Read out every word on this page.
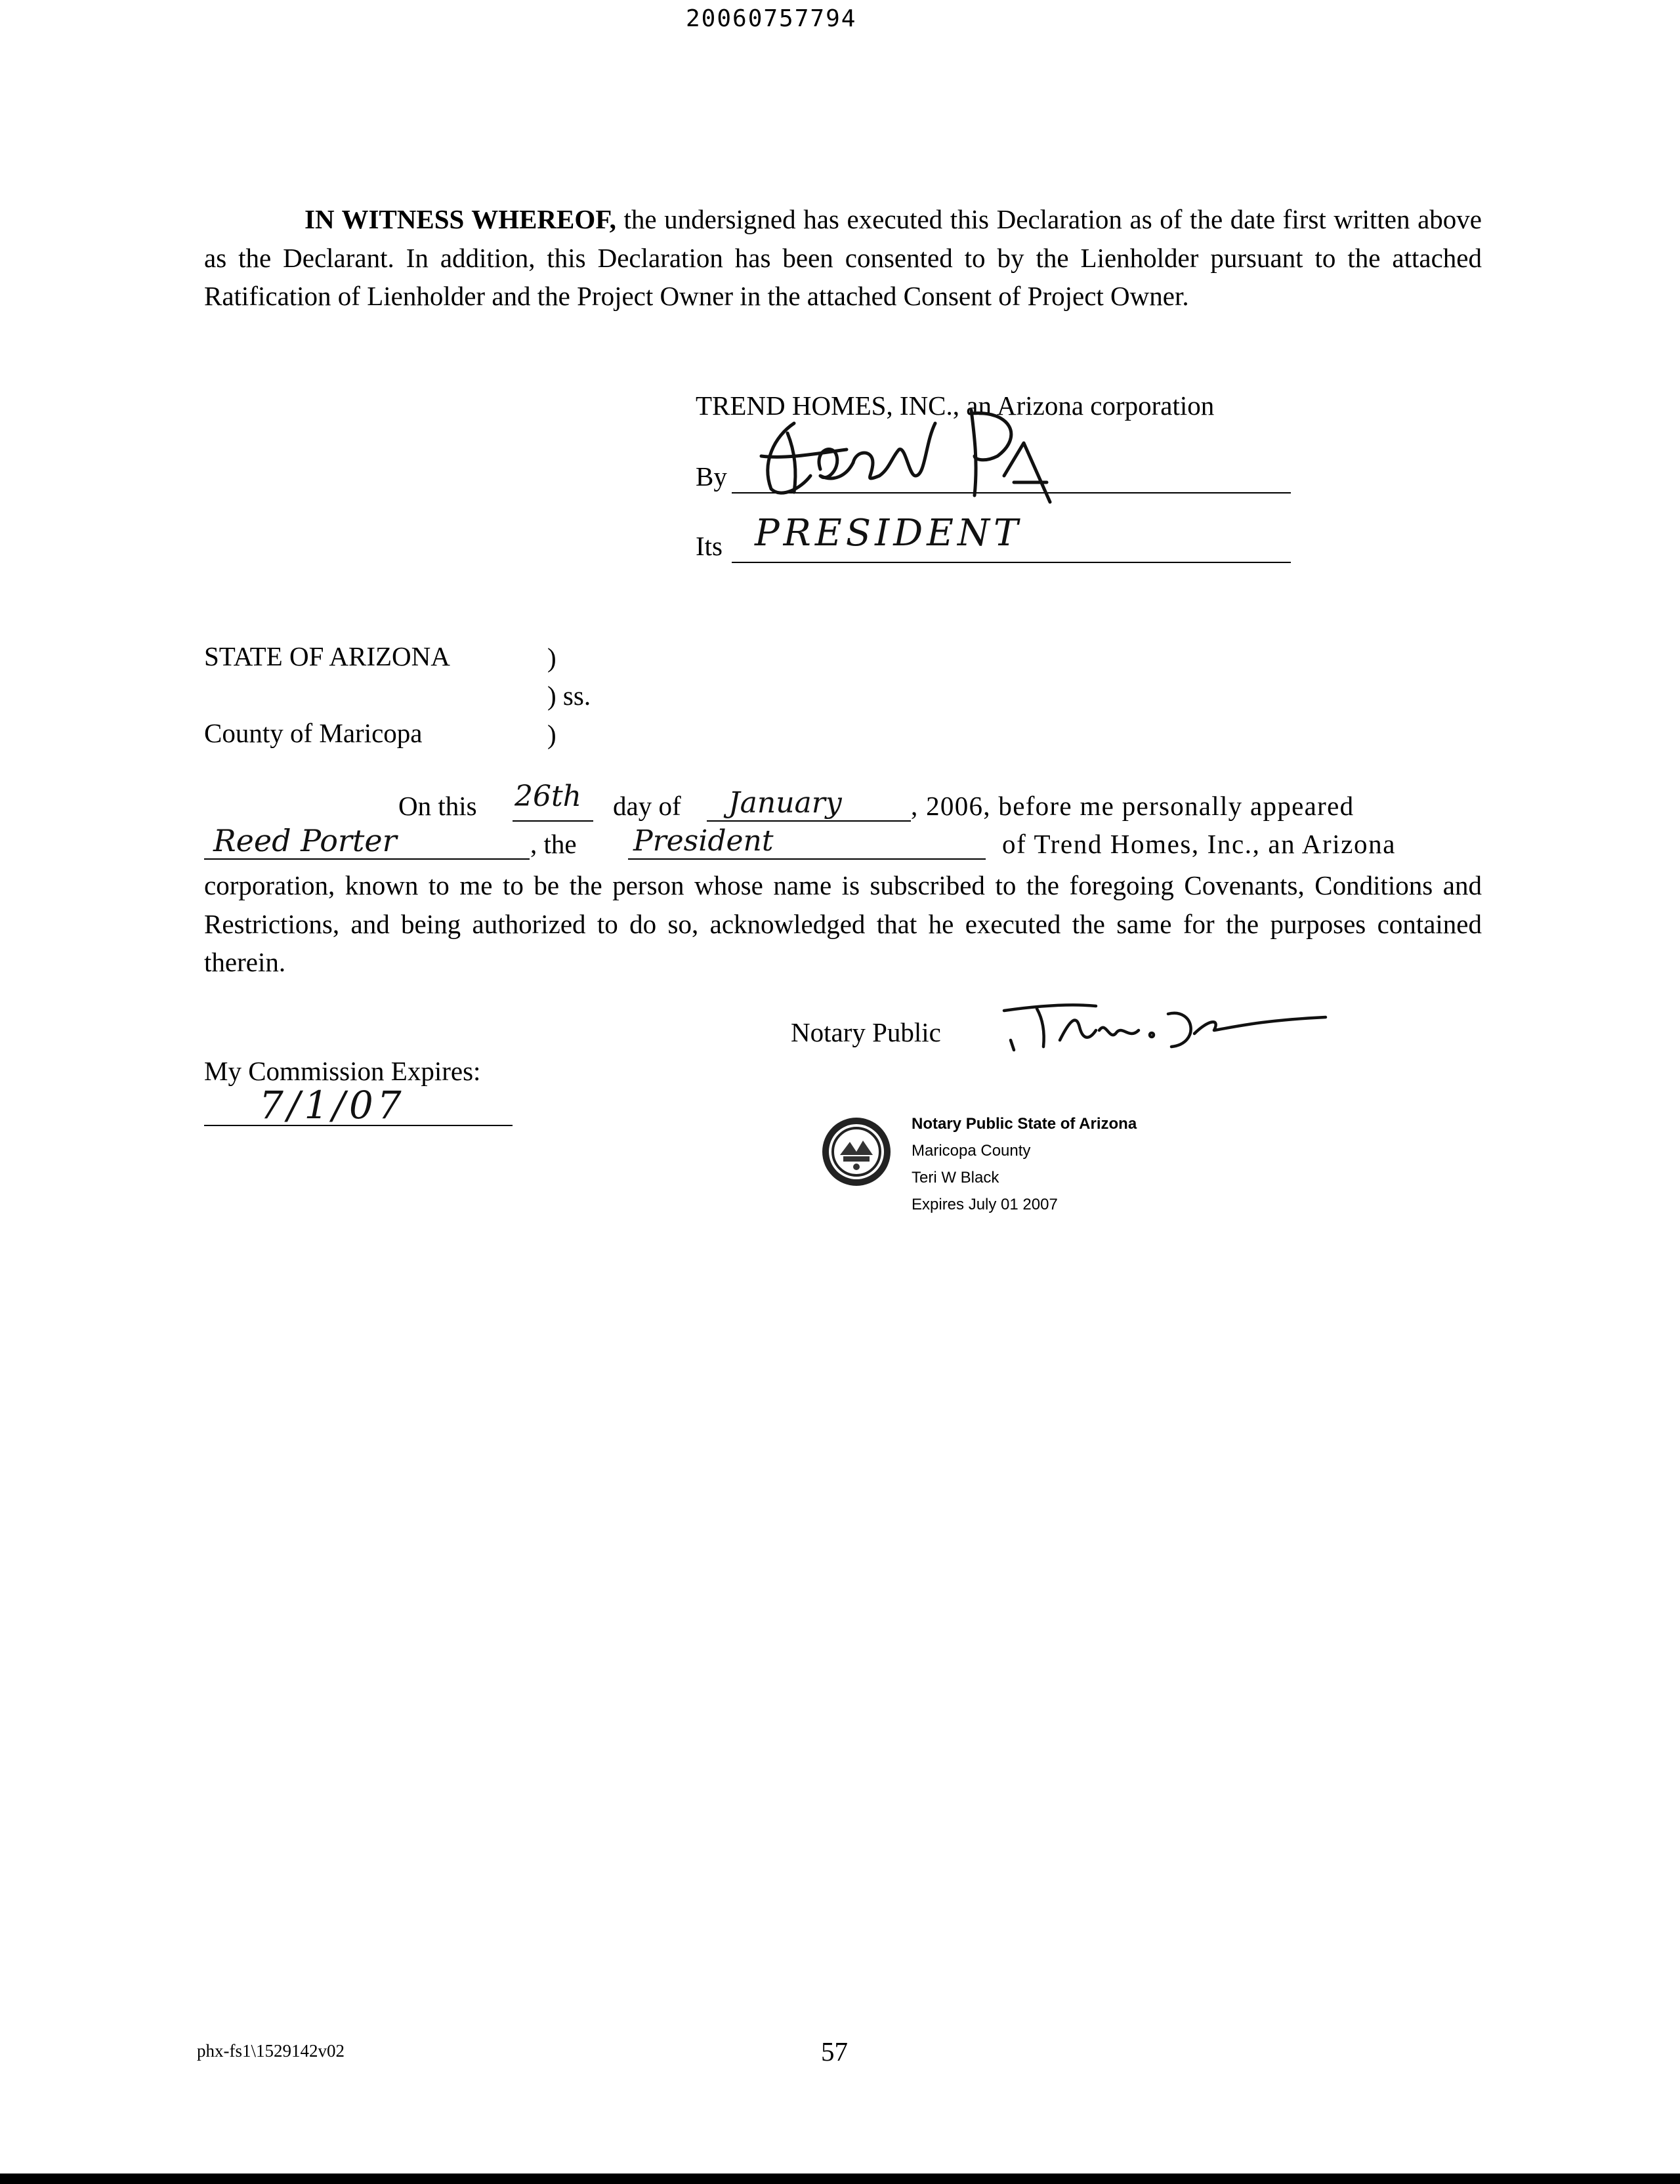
20060757794
IN WITNESS WHEREOF, the undersigned has executed this Declaration as of the date first written above as the Declarant. In addition, this Declaration has been consented to by the Lienholder pursuant to the attached Ratification of Lienholder and the Project Owner in the attached Consent of Project Owner.
TREND HOMES, INC., an Arizona corporation
By
Its PRESIDENT
STATE OF ARIZONA	)
) ss.
County of Maricopa	)
On this 26th day of January	, 2006, before me personally appeared
Reed Porter	, the President	of Trend Homes, Inc., an Arizona
corporation, known to me to be the person whose name is subscribed to the foregoing Covenants, Conditions and Restrictions, and being authorized to do so, acknowledged that he executed the same for the purposes contained therein.
Notary Public
My Commission Expires:
7/1/07	Notary Public State of Arizona
Maricopa County
Teri W Black
Expires July 01 2007
phx-fs1\1529142v02	57
